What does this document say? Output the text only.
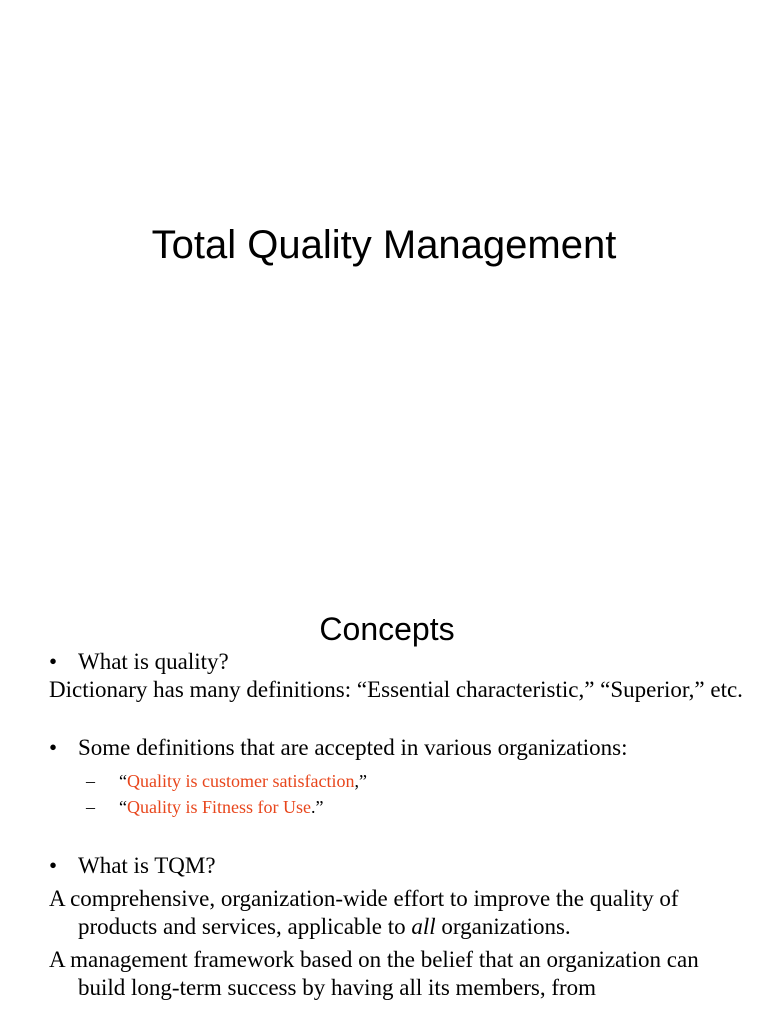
Total Quality Management
Concepts

• What is quality?

Dictionary has many definitions: “Essential characteristic,” “Superior,” etc.

• Some definitions that are accepted in various organizations:

– “Quality is customer satisfaction,”

– “Quality is Fitness for Use.”

• What is TQM?

A comprehensive, organization-wide effort to improve the quality of products and services, applicable to all organizations.

A management framework based on the belief that an organization can build long-term success by having all its members, from
